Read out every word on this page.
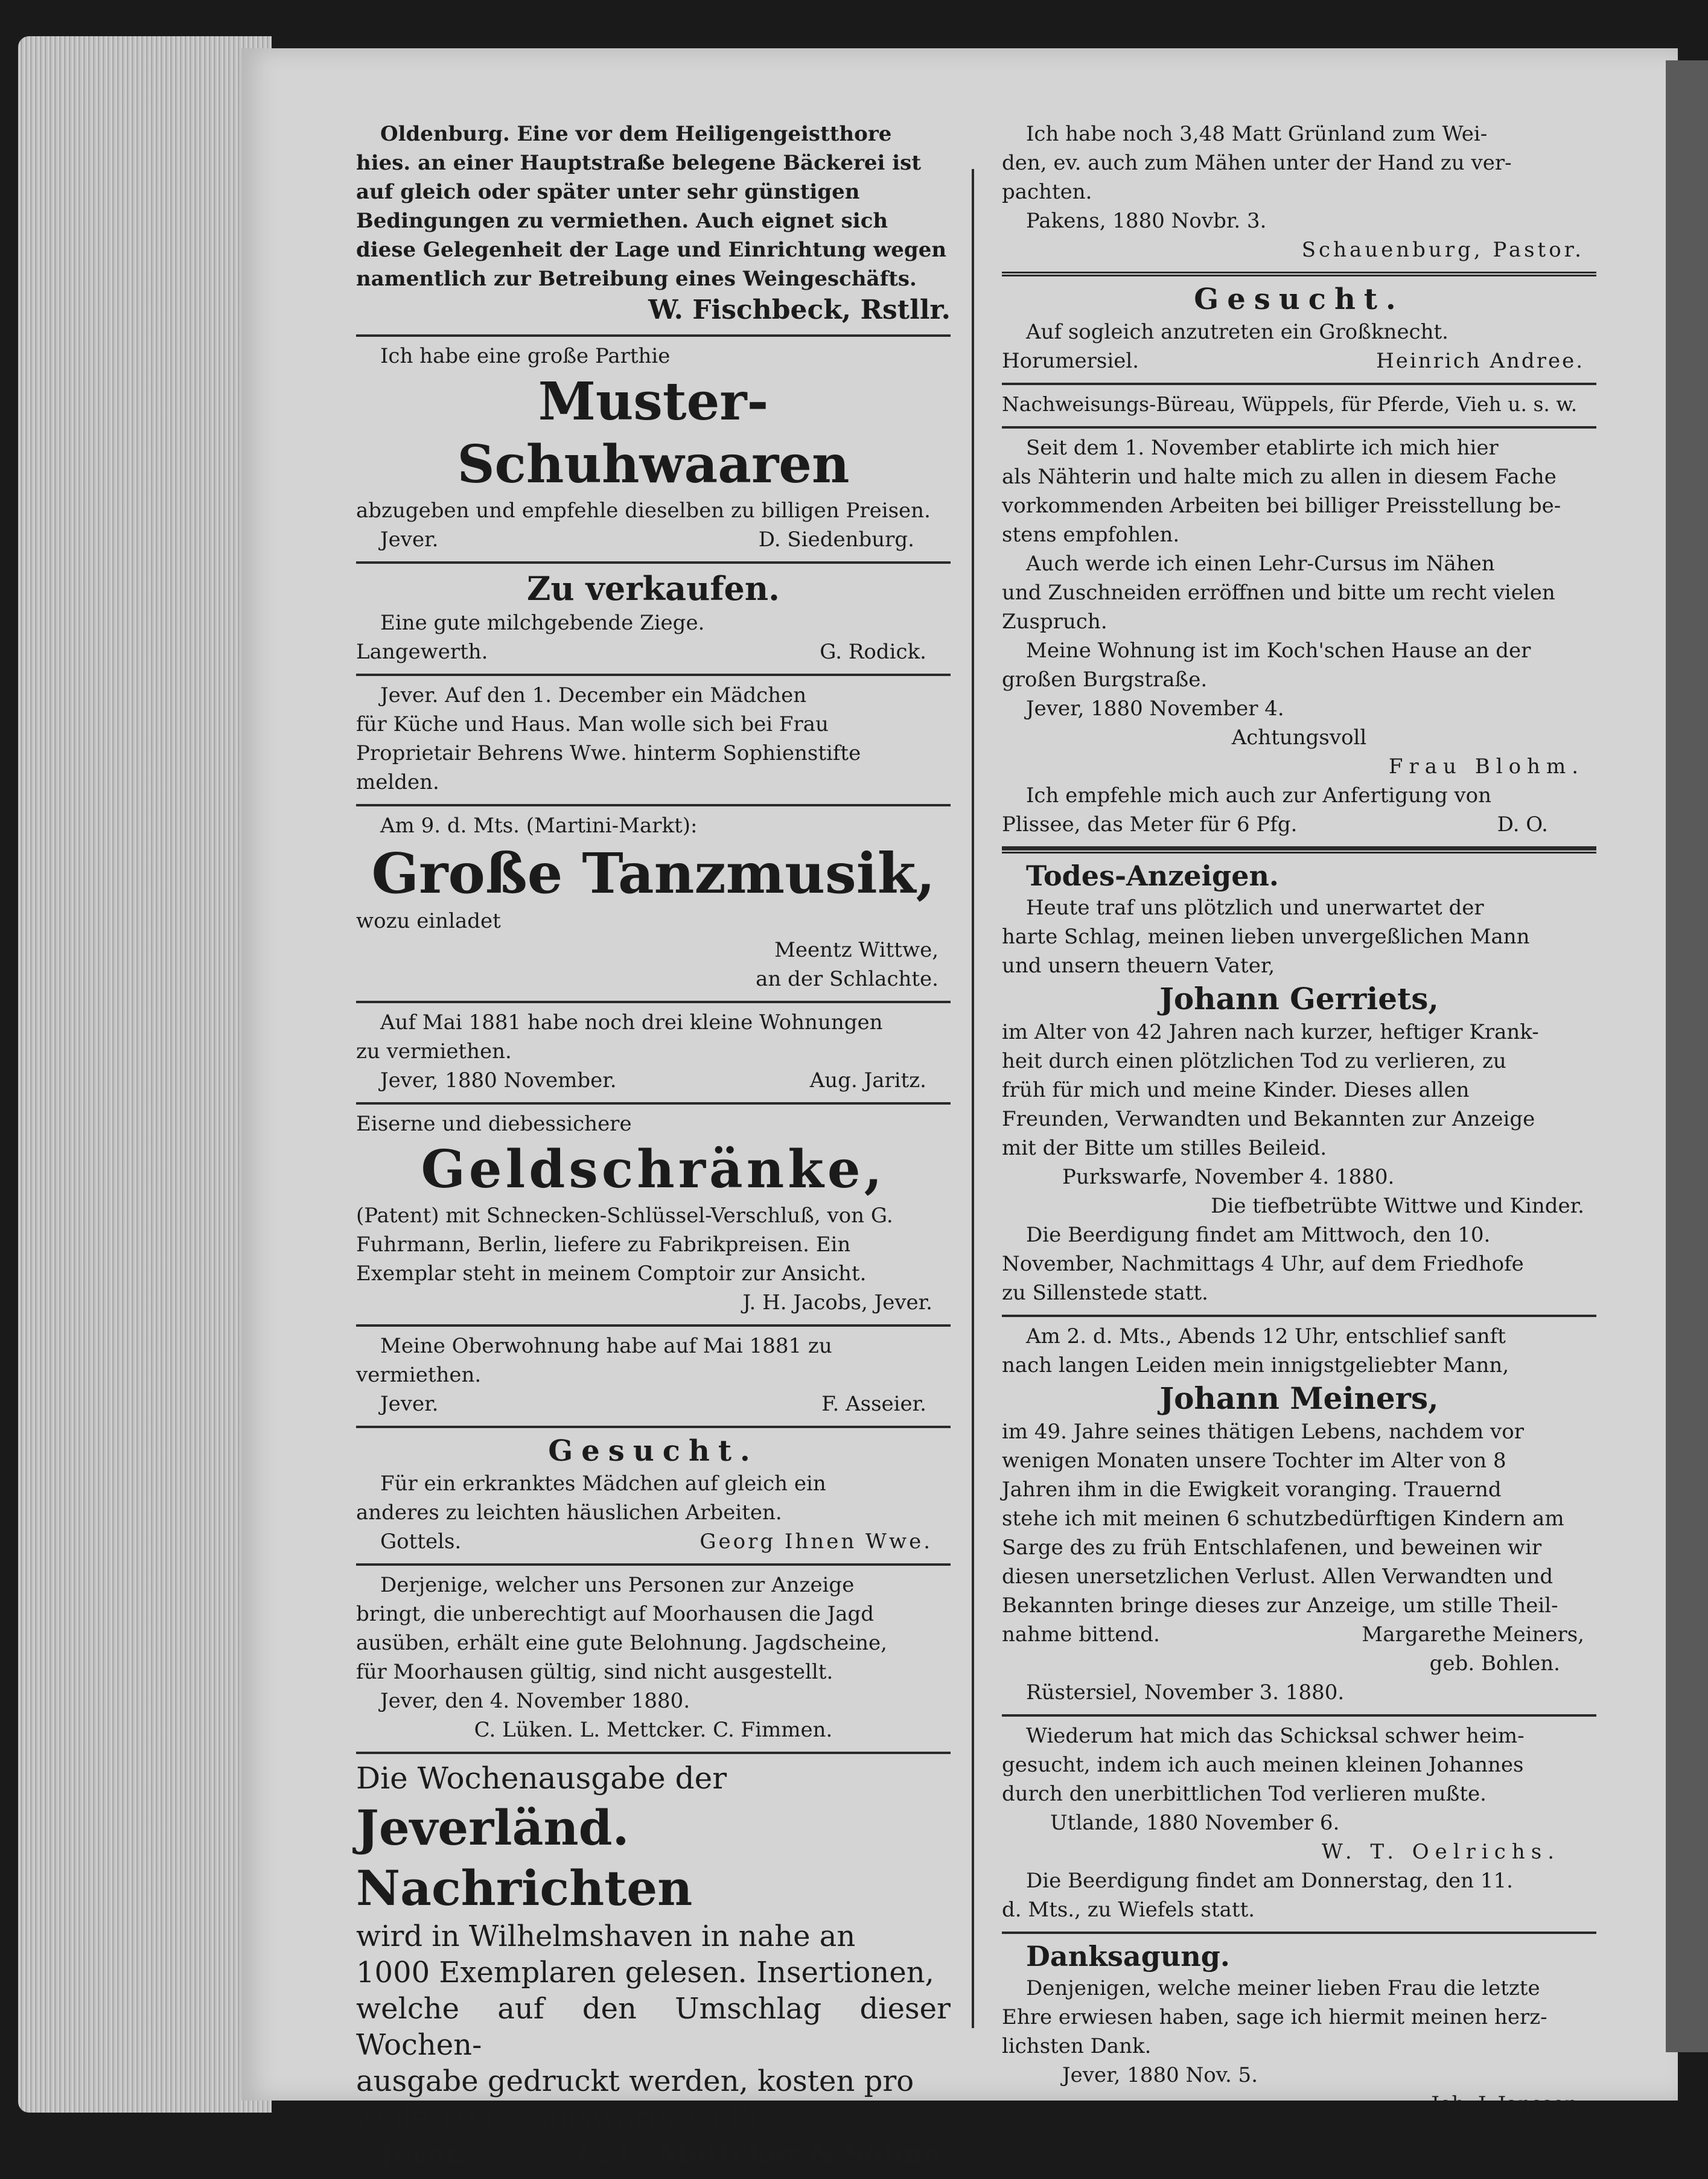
Oldenburg. Eine vor dem Heiligengeistthore

hies. an einer Hauptstraße belegene Bäckerei ist

auf gleich oder später unter sehr günstigen

Bedingungen zu vermiethen. Auch eignet sich

diese Gelegenheit der Lage und Einrichtung wegen

namentlich zur Betreibung eines Weingeschäfts.

W. Fischbeck, Rstllr.

Ich habe eine große Parthie

Muster-Schuhwaaren

abzugeben und empfehle dieselben zu billigen Preisen.

Jever.	D. Siedenburg.
Zu verkaufen.

Eine gute milchgebende Ziege.

Langewerth.	G. Rodick.

Jever. Auf den 1. December ein Mädchen

für Küche und Haus. Man wolle sich bei Frau

Proprietair Behrens Wwe. hinterm Sophienstifte

melden.

Am 9. d. Mts. (Martini-Markt):

Große Tanzmusik,

wozu einladet

Meentz Wittwe,

an der Schlachte.

Auf Mai 1881 habe noch drei kleine Wohnungen

zu vermiethen.

Jever, 1880 November.	Aug. Jaritz.

Eiserne und diebessichere

Geldschränke,

(Patent) mit Schnecken-Schlüssel-Verschluß, von G.

Fuhrmann, Berlin, liefere zu Fabrikpreisen. Ein

Exemplar steht in meinem Comptoir zur Ansicht.

J. H. Jacobs, Jever.

Meine Oberwohnung habe auf Mai 1881 zu

vermiethen.

Jever.	F. Asseier.
Gesucht.

Für ein erkranktes Mädchen auf gleich ein

anderes zu leichten häuslichen Arbeiten.

Gottels.	Georg Ihnen Wwe.

Derjenige, welcher uns Personen zur Anzeige

bringt, die unberechtigt auf Moorhausen die Jagd

ausüben, erhält eine gute Belohnung. Jagdscheine,

für Moorhausen gültig, sind nicht ausgestellt.

Jever, den 4. November 1880.

C. Lüken. L. Mettcker. C. Fimmen.

Die Wochenausgabe der

Jeverländ. Nachrichten

wird in Wilhelmshaven in nahe an

1000 Exemplaren gelesen. Insertionen,

welche auf den Umschlag dieser Wochen-

ausgabe gedruckt werden, kosten pro

Zeile 10 Pf., auswärts 15 Pf.

Jever.	C. L. Mettcker & Söhne.

Ich habe noch 3,48 Matt Grünland zum Wei-

den, ev. auch zum Mähen unter der Hand zu ver-

pachten.

Pakens, 1880 Novbr. 3.

Schauenburg, Pastor.

Gesucht.

Auf sogleich anzutreten ein Großknecht.

Horumersiel.	Heinrich Andree.

Nachweisungs-Büreau, Wüppels, für Pferde, Vieh u. s. w.

Seit dem 1. November etablirte ich mich hier

als Nähterin und halte mich zu allen in diesem Fache

vorkommenden Arbeiten bei billiger Preisstellung be-

stens empfohlen.

Auch werde ich einen Lehr-Cursus im Nähen

und Zuschneiden erröffnen und bitte um recht vielen

Zuspruch.

Meine Wohnung ist im Koch'schen Hause an der

großen Burgstraße.

Jever, 1880 November 4.

Achtungsvoll

Frau Blohm.

Ich empfehle mich auch zur Anfertigung von

Plissee, das Meter für 6 Pfg.	D. O.
Todes-Anzeigen.

Heute traf uns plötzlich und unerwartet der

harte Schlag, meinen lieben unvergeßlichen Mann

und unsern theuern Vater,

Johann Gerriets,

im Alter von 42 Jahren nach kurzer, heftiger Krank-

heit durch einen plötzlichen Tod zu verlieren, zu

früh für mich und meine Kinder. Dieses allen

Freunden, Verwandten und Bekannten zur Anzeige

mit der Bitte um stilles Beileid.

Purkswarfe, November 4. 1880.

Die tiefbetrübte Wittwe und Kinder.

Die Beerdigung findet am Mittwoch, den 10.

November, Nachmittags 4 Uhr, auf dem Friedhofe

zu Sillenstede statt.

Am 2. d. Mts., Abends 12 Uhr, entschlief sanft

nach langen Leiden mein innigstgeliebter Mann,

Johann Meiners,

im 49. Jahre seines thätigen Lebens, nachdem vor

wenigen Monaten unsere Tochter im Alter von 8

Jahren ihm in die Ewigkeit voranging. Trauernd

stehe ich mit meinen 6 schutzbedürftigen Kindern am

Sarge des zu früh Entschlafenen, und beweinen wir

diesen unersetzlichen Verlust. Allen Verwandten und

Bekannten bringe dieses zur Anzeige, um stille Theil-

nahme bittend.	Margarethe Meiners,

geb. Bohlen.

Rüstersiel, November 3. 1880.

Wiederum hat mich das Schicksal schwer heim-

gesucht, indem ich auch meinen kleinen Johannes

durch den unerbittlichen Tod verlieren mußte.

Utlande, 1880 November 6.

W. T. Oelrichs.

Die Beerdigung findet am Donnerstag, den 11.

d. Mts., zu Wiefels statt.

Danksagung.

Denjenigen, welche meiner lieben Frau die letzte

Ehre erwiesen haben, sage ich hiermit meinen herz-

lichsten Dank.

Jever, 1880 Nov. 5.

Joh. J. Janssen.
